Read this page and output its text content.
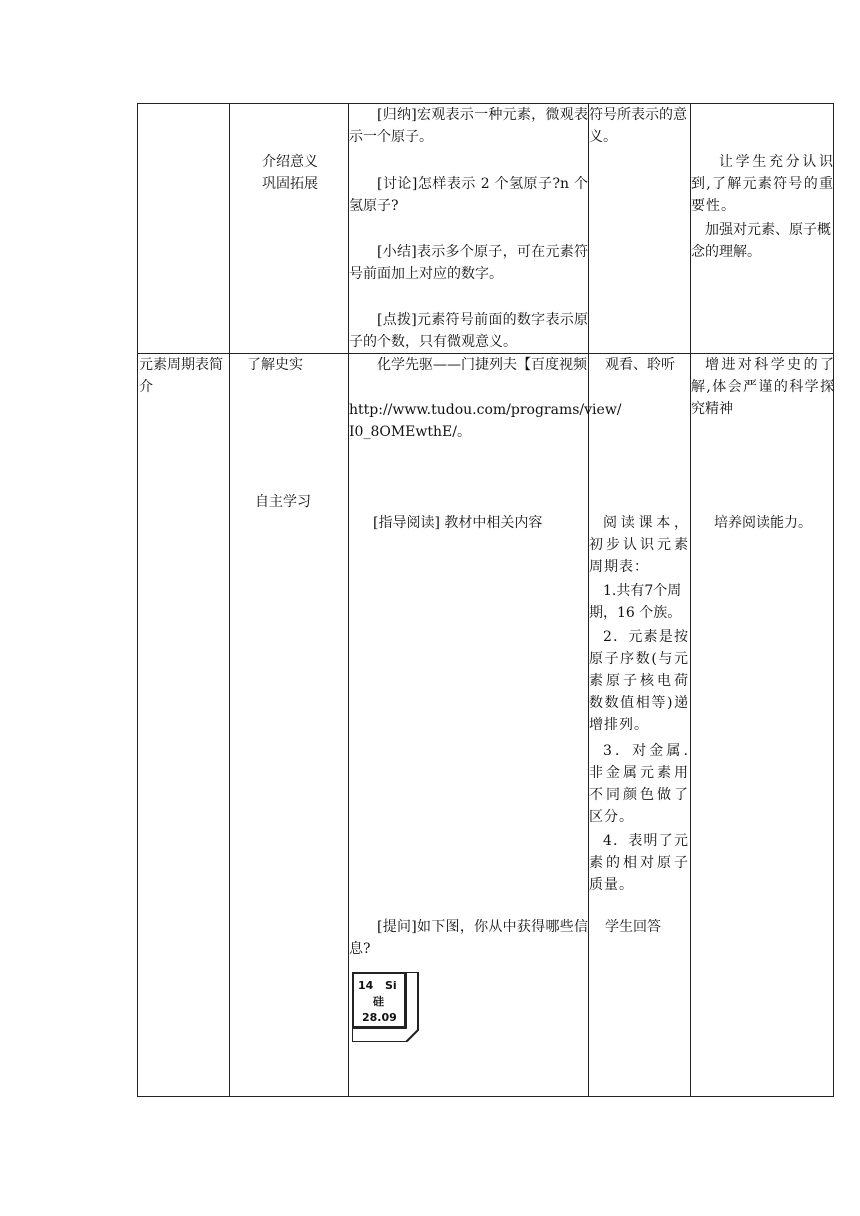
介绍意义
巩固拓展
[归纳]宏观表示一种元素，微观表示一个原子。
[讨论]怎样表示 2 个氢原子?n 个氢原子?
[小结]表示多个原子，可在元素符号前面加上对应的数字。
[点拨]元素符号前面的数字表示原子的个数，只有微观意义。
符号所表示的意义。
让学生充分认识到,了解元素符号的重要性。
加强对元素、原子概念的理解。
元素周期表简介
了解史实
自主学习
化学先驱——门捷列夫【百度视频
http://www.tudou.com/programs/view/
I0_8OMEwthE/。
[指导阅读] 教材中相关内容
[提问]如下图，你从中获得哪些信息?
观看、聆听
阅读课本，初步认识元素周期表：
1.共有7个周期，16 个族。
2．元素是按原子序数(与元素原子核电荷数数值相等)递增排列。
3．对金属.非金属元素用不同颜色做了区分。
4．表明了元素的相对原子质量。
学生回答
增进对科学史的了解,体会严谨的科学探究精神
培养阅读能力。
14 Si
硅
28.09
